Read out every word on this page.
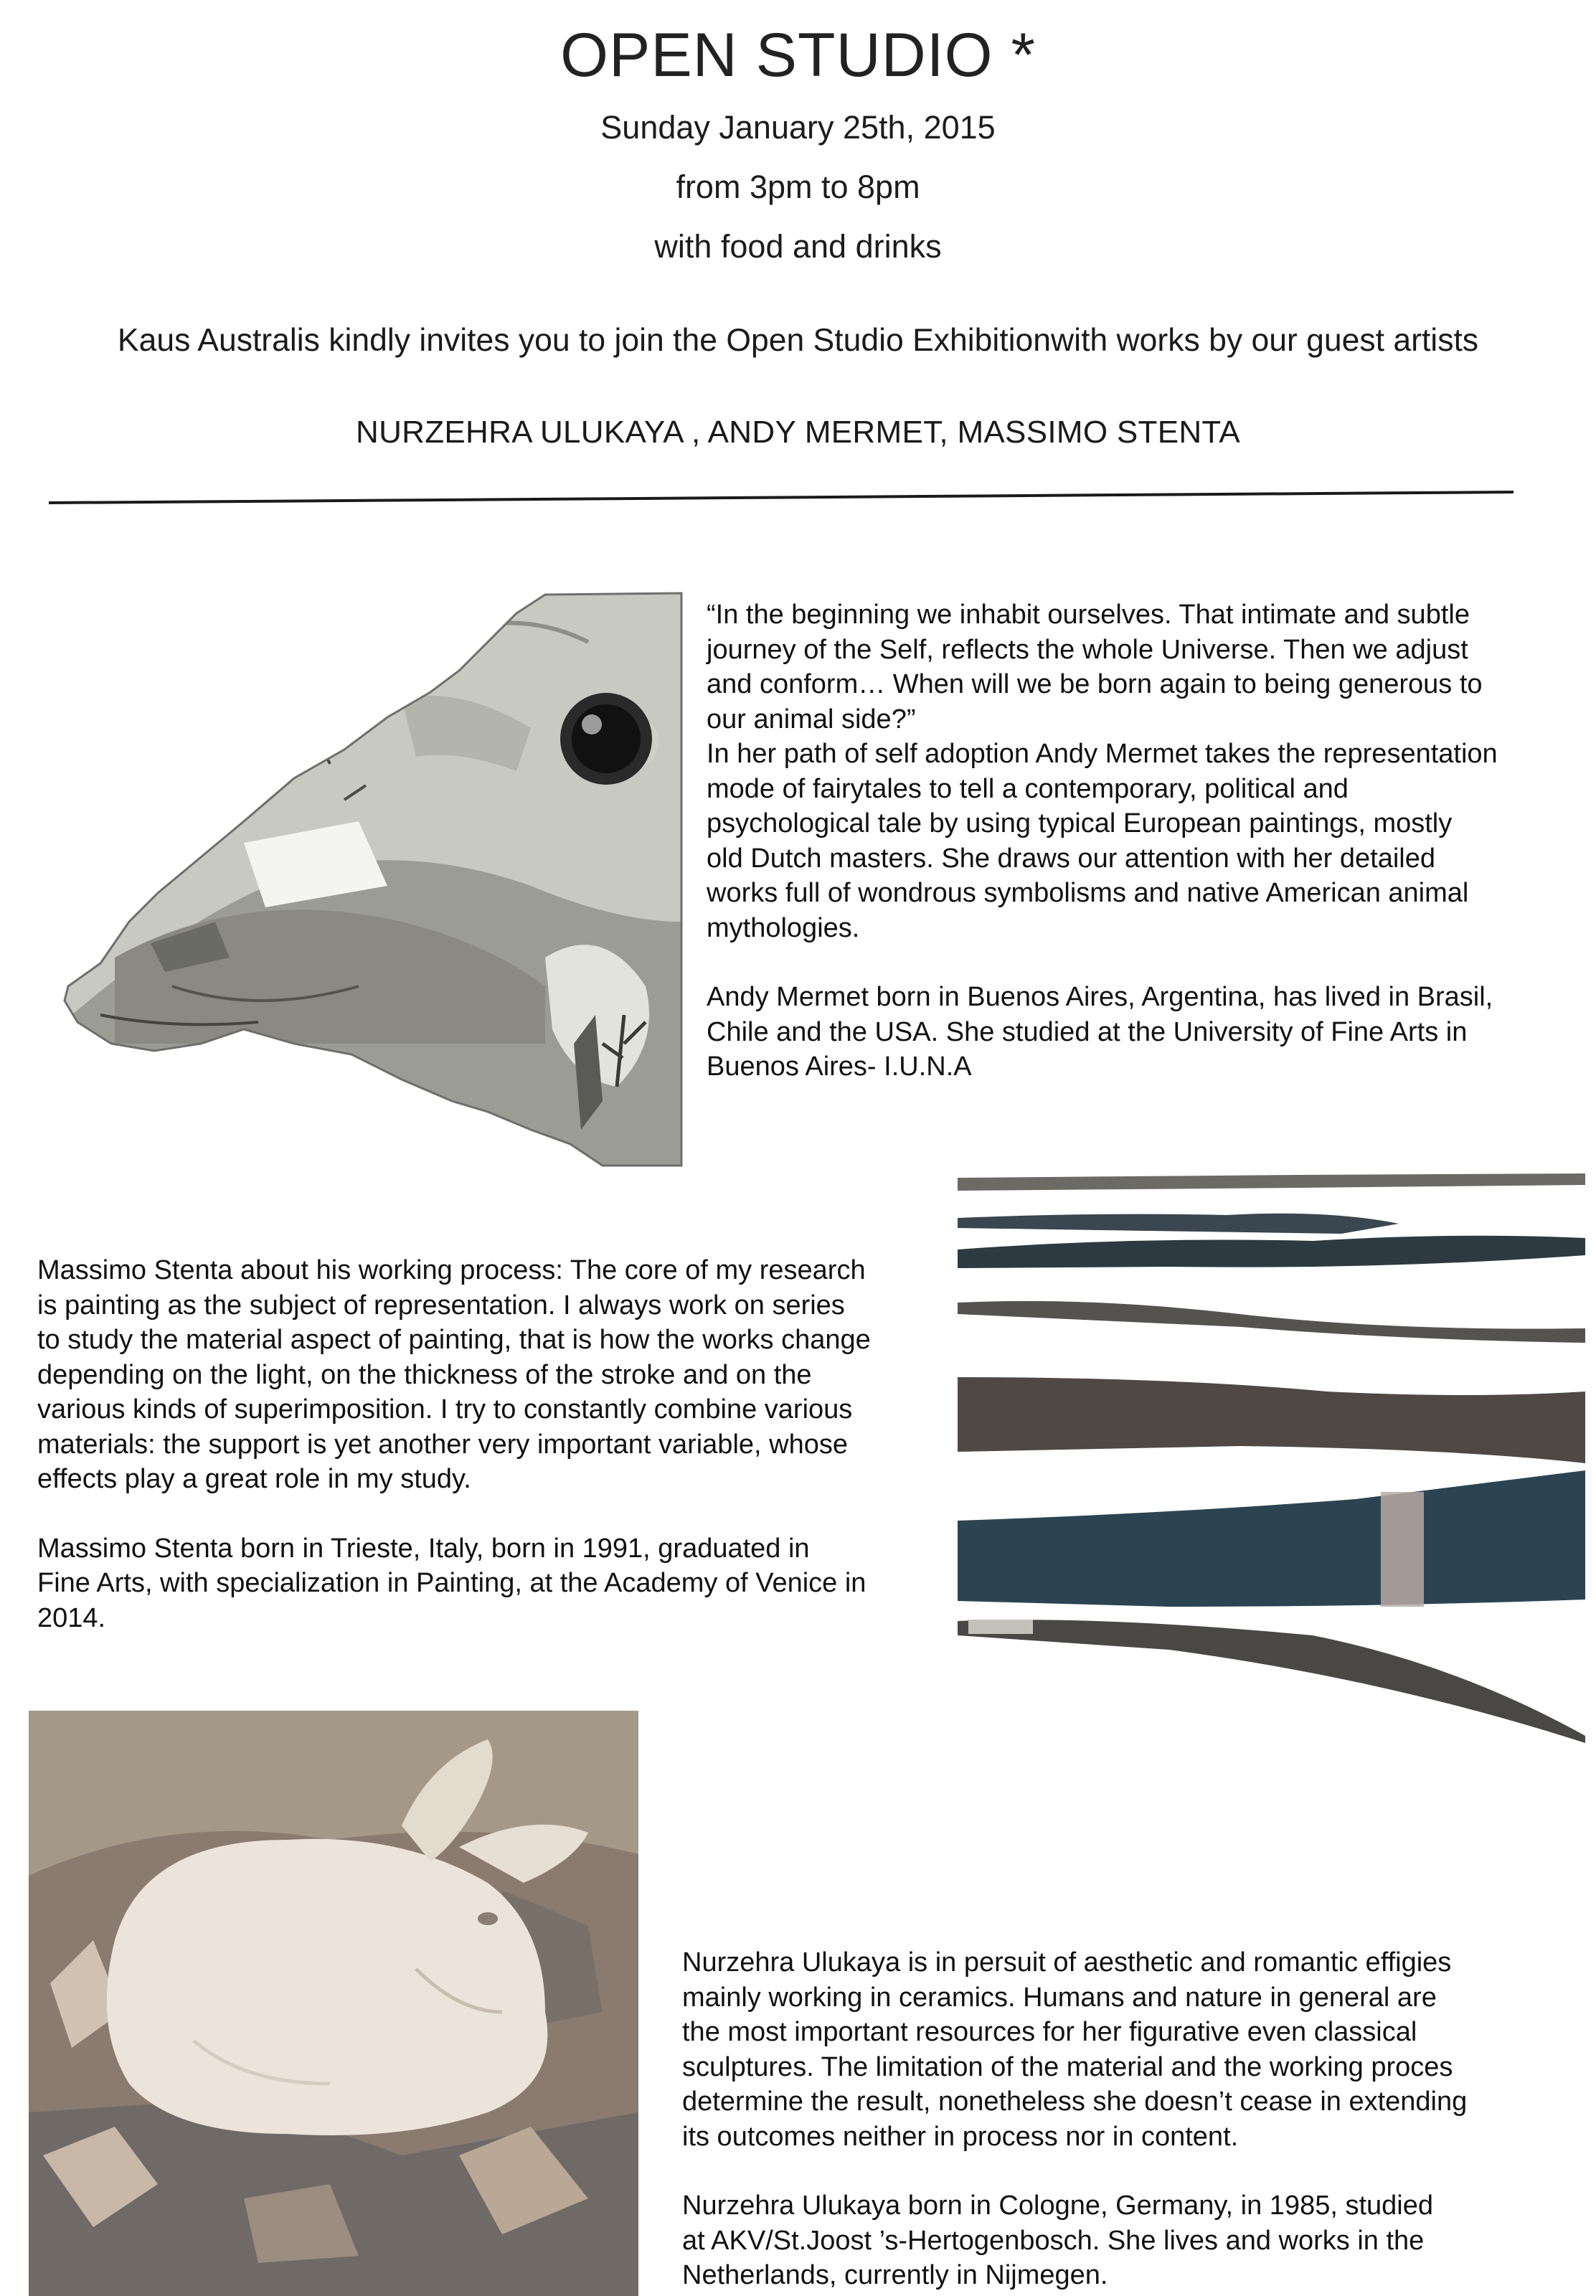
OPEN STUDIO *
Sunday January 25th, 2015
from 3pm to 8pm
with food and drinks
Kaus Australis kindly invites you to join the Open Studio Exhibitionwith works by our guest artists
NURZEHRA ULUKAYA , ANDY MERMET, MASSIMO STENTA

“In the beginning we inhabit ourselves. That intimate and subtle
journey of the Self, reflects the whole Universe. Then we adjust
and conform… When will we be born again to being generous to
our animal side?”
In her path of self adoption Andy Mermet takes the representation
mode of fairytales to tell a contemporary, political and
psychological tale by using typical European paintings, mostly
old Dutch masters. She draws our attention with her detailed
works full of wondrous symbolisms and native American animal
mythologies.

Andy Mermet born in Buenos Aires, Argentina, has lived in Brasil,
Chile and the USA. She studied at the University of Fine Arts in
Buenos Aires- I.U.N.A

Massimo Stenta about his working process: The core of my research
is painting as the subject of representation. I always work on series
to study the material aspect of painting, that is how the works change
depending on the light, on the thickness of the stroke and on the
various kinds of superimposition. I try to constantly combine various
materials: the support is yet another very important variable, whose
effects play a great role in my study.

Massimo Stenta born in Trieste, Italy, born in 1991, graduated in
Fine Arts, with specialization in Painting, at the Academy of Venice in
2014.

Nurzehra Ulukaya is in persuit of aesthetic and romantic effigies
mainly working in ceramics. Humans and nature in general are
the most important resources for her figurative even classical
sculptures. The limitation of the material and the working proces
determine the result, nonetheless she doesn’t cease in extending
its outcomes neither in process nor in content.

Nurzehra Ulukaya born in Cologne, Germany, in 1985, studied
at AKV/St.Joost ’s-Hertogenbosch. She lives and works in the
Netherlands, currently in Nijmegen.
